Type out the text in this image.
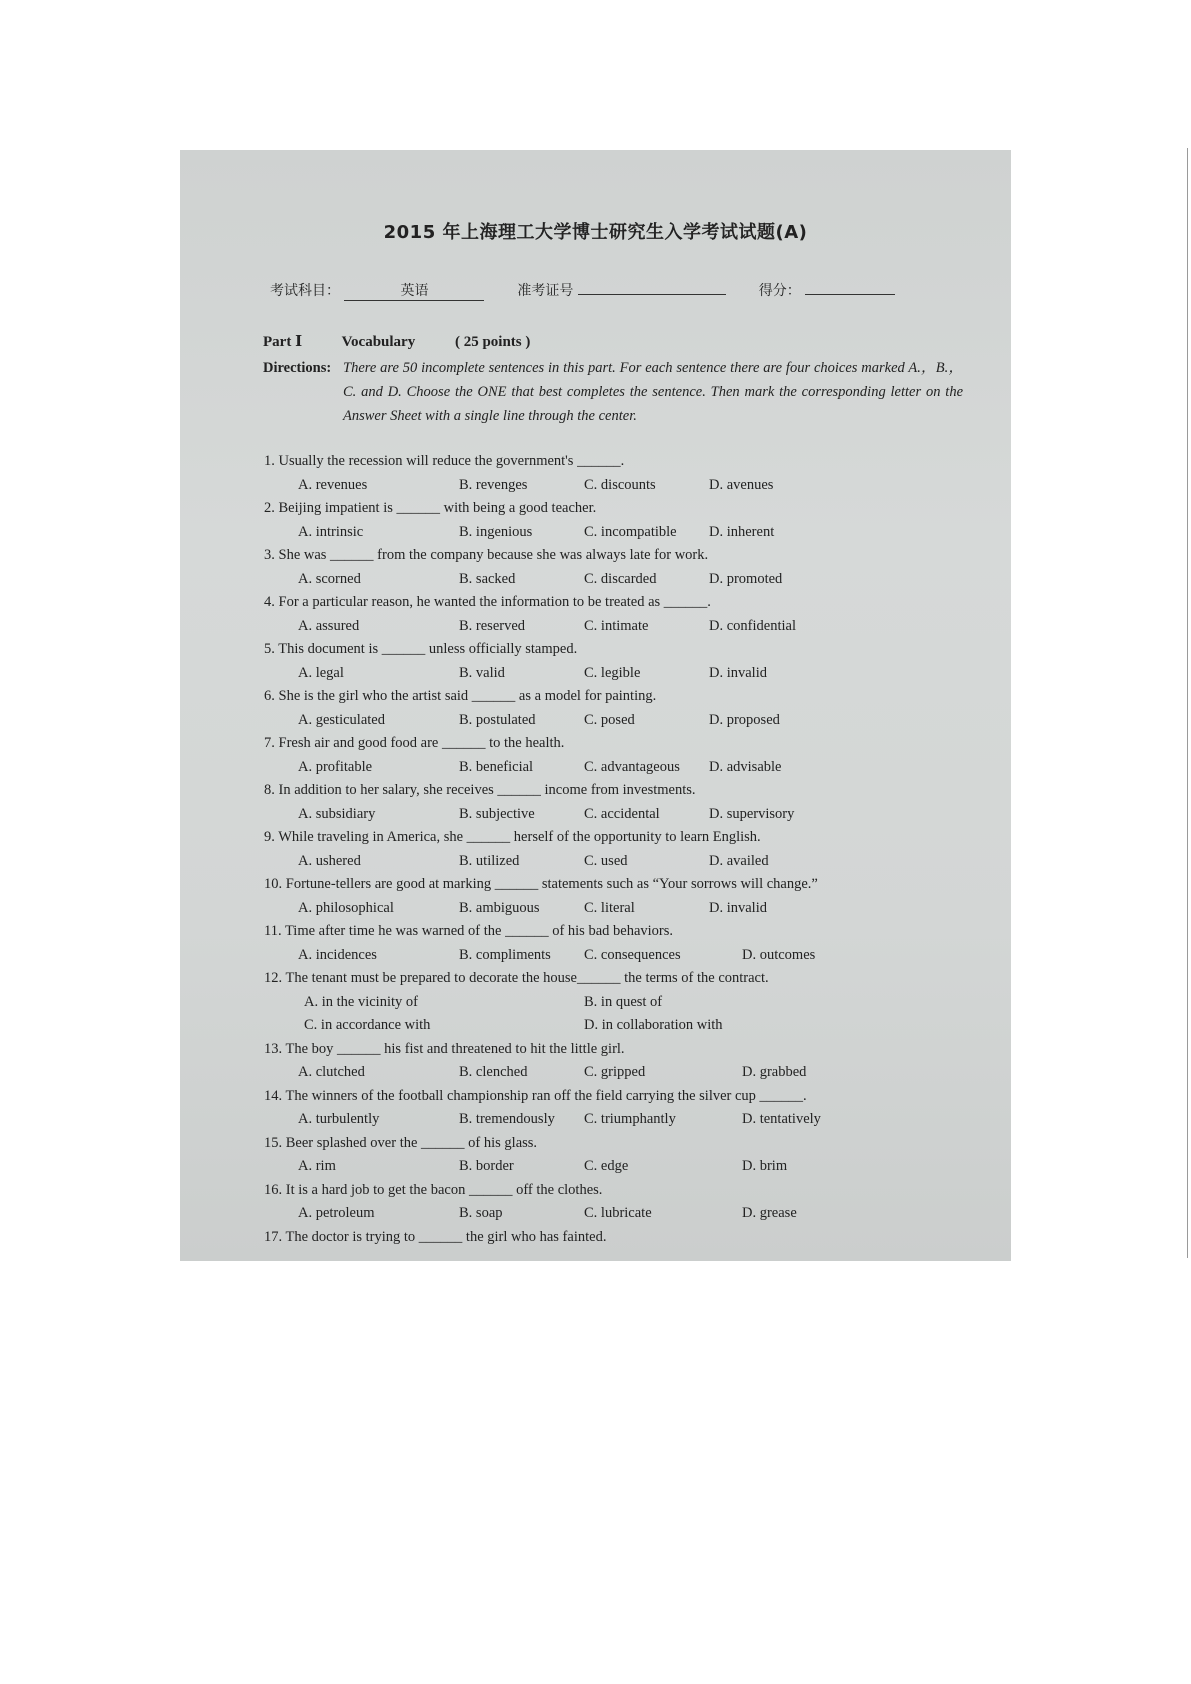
2015 年上海理工大学博士研究生入学考试试题(A)
考试科目：	英语	准考证号	得分：
Part Ⅰ	Vocabulary	( 25 points )
Directions: There are 50 incomplete sentences in this part. For each sentence there are four choices marked A.，B.，C. and D. Choose the ONE that best completes the sentence. Then mark the corresponding letter on the Answer Sheet with a single line through the center.
1. Usually the recession will reduce the government's ______.
A. revenues	B. revenges	C. discounts	D. avenues
2. Beijing impatient is ______ with being a good teacher.
A. intrinsic	B. ingenious	C. incompatible D. inherent
3. She was ______ from the company because she was always late for work.
A. scorned	B. sacked	C. discarded	D. promoted
4. For a particular reason, he wanted the information to be treated as ______.
A. assured	B. reserved	C. intimate	D. confidential
5. This document is ______ unless officially stamped.
A. legal	B. valid	C. legible	D. invalid
6. She is the girl who the artist said ______ as a model for painting.
A. gesticulated	B. postulated	C. posed	D. proposed
7. Fresh air and good food are ______ to the health.
A. profitable	B. beneficial	C. advantageous D. advisable
8. In addition to her salary, she receives ______ income from investments.
A. subsidiary	B. subjective	C. accidental	D. supervisory
9. While traveling in America, she ______ herself of the opportunity to learn English.
A. ushered	B. utilized	C. used	D. availed
10. Fortune-tellers are good at marking ______ statements such as “Your sorrows will change.”
A. philosophical	B. ambiguous	C. literal	D. invalid
11. Time after time he was warned of the ______ of his bad behaviors.
A. incidences	B. compliments C. consequences	D. outcomes
12. The tenant must be prepared to decorate the house______ the terms of the contract.
A. in the vicinity of	B. in quest of
C. in accordance with	D. in collaboration with
13. The boy ______ his fist and threatened to hit the little girl.
A. clutched	B. clenched	C. gripped	D. grabbed
14. The winners of the football championship ran off the field carrying the silver cup ______.
A. turbulently	B. tremendously C. triumphantly	D. tentatively
15. Beer splashed over the ______ of his glass.
A. rim	B. border	C. edge	D. brim
16. It is a hard job to get the bacon ______ off the clothes.
A. petroleum	B. soap	C. lubricate	D. grease
17. The doctor is trying to ______ the girl who has fainted.
